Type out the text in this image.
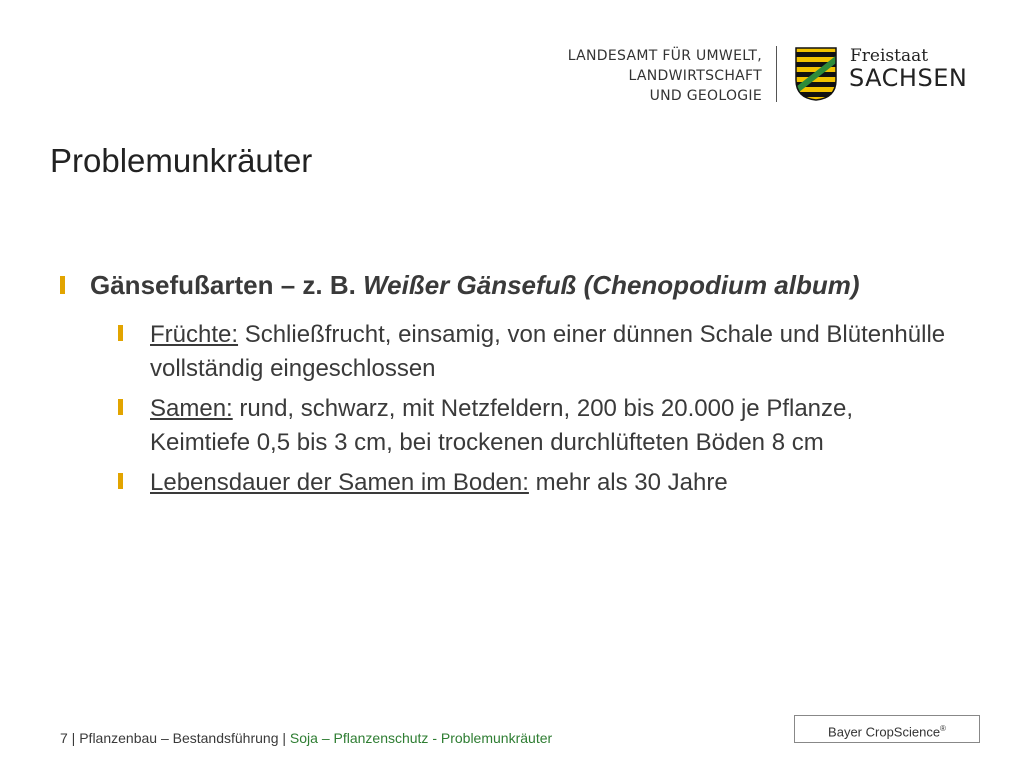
LANDESAMT FÜR UMWELT,
LANDWIRTSCHAFT
UND GEOLOGIE
Freistaat
SACHSEN
Problemunkräuter
Gänsefußarten – z. B. Weißer Gänsefuß (Chenopodium album)
Früchte: Schließfrucht, einsamig, von einer dünnen Schale und Blütenhülle vollständig eingeschlossen
Samen: rund, schwarz, mit Netzfeldern, 200 bis 20.000 je Pflanze, Keimtiefe 0,5 bis 3 cm, bei trockenen durchlüfteten Böden 8 cm
Lebensdauer der Samen im Boden: mehr als 30 Jahre
7 | Pflanzenbau – Bestandsführung | Soja – Pflanzenschutz - Problemunkräuter	Bayer CropScience®
